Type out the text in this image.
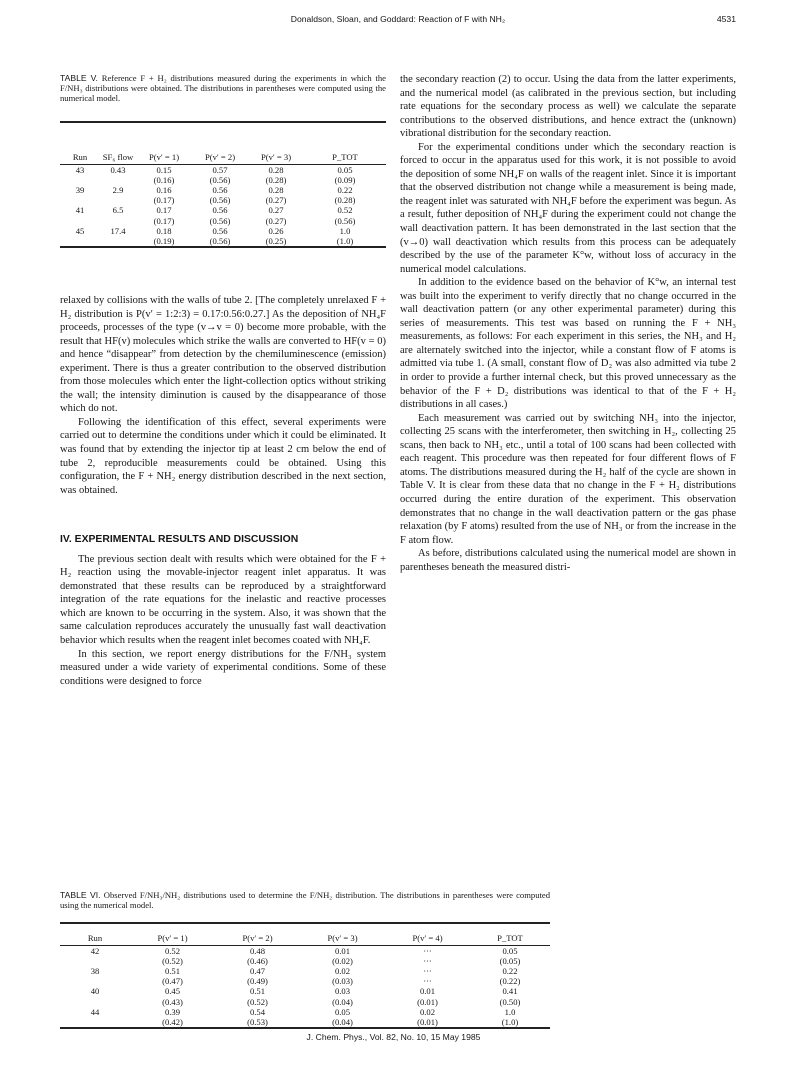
Donaldson, Sloan, and Goddard: Reaction of F with NH₂	4531
TABLE V. Reference F + H₂ distributions measured during the experiments in which the F/NH₃ distributions were obtained. The distributions in parentheses were computed using the numerical model.
Run	SF₆ flow	P(v′ = 1)	P(v′ = 2)	P(v′ = 3)	P_TOT
43	0.43	0.15	0.57	0.28	0.05
		(0.16)	(0.56)	(0.28)	(0.09)
39	2.9	0.16	0.56	0.28	0.22
		(0.17)	(0.56)	(0.27)	(0.28)
41	6.5	0.17	0.56	0.27	0.52
		(0.17)	(0.56)	(0.27)	(0.56)
45	17.4	0.18	0.56	0.26	1.0
		(0.19)	(0.56)	(0.25)	(1.0)

relaxed by collisions with the walls of tube 2. [The completely unrelaxed F + H₂ distribution is P(v′ = 1:2:3) = 0.17:0.56:0.27.] As the deposition of NH₄F proceeds, processes of the type (v→v = 0) become more probable, with the result that HF(v) molecules which strike the walls are converted to HF(v = 0) and hence “disappear” from detection by the chemiluminescence (emission) experiment. There is thus a greater contribution to the observed distribution from those molecules which enter the light-collection optics without striking the wall; the intensity diminution is caused by the disappearance of those which do not.

Following the identification of this effect, several experiments were carried out to determine the conditions under which it could be eliminated. It was found that by extending the injector tip at least 2 cm below the end of tube 2, reproducible measurements could be obtained. Using this configuration, the F + NH₂ energy distribution described in the next section, was obtained.

IV. EXPERIMENTAL RESULTS AND DISCUSSION

The previous section dealt with results which were obtained for the F + H₂ reaction using the movable-injector reagent inlet apparatus. It was demonstrated that these results can be reproduced by a straightforward integration of the rate equations for the inelastic and reactive processes which are known to be occurring in the system. Also, it was shown that the same calculation reproduces accurately the unusually fast wall deactivation behavior which results when the reagent inlet becomes coated with NH₄F.

In this section, we report energy distributions for the F/NH₃ system measured under a wide variety of experimental conditions. Some of these conditions were designed to force

the secondary reaction (2) to occur. Using the data from the latter experiments, and the numerical model (as calibrated in the previous section, but including rate equations for the secondary process as well) we calculate the separate contributions to the observed distributions, and hence extract the (unknown) vibrational distribution for the secondary reaction.

For the experimental conditions under which the secondary reaction is forced to occur in the apparatus used for this work, it is not possible to avoid the deposition of some NH₄F on walls of the reagent inlet. Since it is important that the observed distribution not change while a measurement is being made, the reagent inlet was saturated with NH₄F before the experiment was begun. As a result, futher deposition of NH₄F during the experiment could not change the wall deactivation pattern. It has been demonstrated in the last section that the (v→0) wall deactivation which results from this process can be adequately described by the use of the parameter K°w, without loss of accuracy in the numerical model calculations.

In addition to the evidence based on the behavior of K°w, an internal test was built into the experiment to verify directly that no change occurred in the wall deactivation pattern (or any other experimental parameter) during this series of measurements. This test was based on running the F + NH₃ measurements, as follows: For each experiment in this series, the NH₃ and H₂ are alternately switched into the injector, while a constant flow of F atoms is admitted via tube 1. (A small, constant flow of D₂ was also admitted via tube 2 in order to provide a further internal check, but this proved unnecessary as the behavior of the F + D₂ distributions was identical to that of the F + H₂ distributions in all cases.)

Each measurement was carried out by switching NH₃ into the injector, collecting 25 scans with the interferometer, then switching in H₂, collecting 25 scans, then back to NH₃ etc., until a total of 100 scans had been collected with each reagent. This procedure was then repeated for four different flows of F atoms. The distributions measured during the H₂ half of the cycle are shown in Table V. It is clear from these data that no change in the F + H₂ distributions occurred during the entire duration of the experiment. This observation demonstrates that no change in the wall deactivation pattern or the gas phase relaxation (by F atoms) resulted from the use of NH₃ or from the increase in the F atom flow.

As before, distributions calculated using the numerical model are shown in parentheses beneath the measured distri-

TABLE VI. Observed F/NH₃/NH₂ distributions used to determine the F/NH₂ distribution. The distributions in parentheses were computed using the numerical model.
Run	P(v′ = 1)	P(v′ = 2)	P(v′ = 3)	P(v′ = 4)	P_TOT
42	0.52	0.48	0.01	···	0.05
	(0.52)	(0.46)	(0.02)	···	(0.05)
38	0.51	0.47	0.02	···	0.22
	(0.47)	(0.49)	(0.03)	···	(0.22)
40	0.45	0.51	0.03	0.01	0.41
	(0.43)	(0.52)	(0.04)	(0.01)	(0.50)
44	0.39	0.54	0.05	0.02	1.0
	(0.42)	(0.53)	(0.04)	(0.01)	(1.0)

J. Chem. Phys., Vol. 82, No. 10, 15 May 1985
